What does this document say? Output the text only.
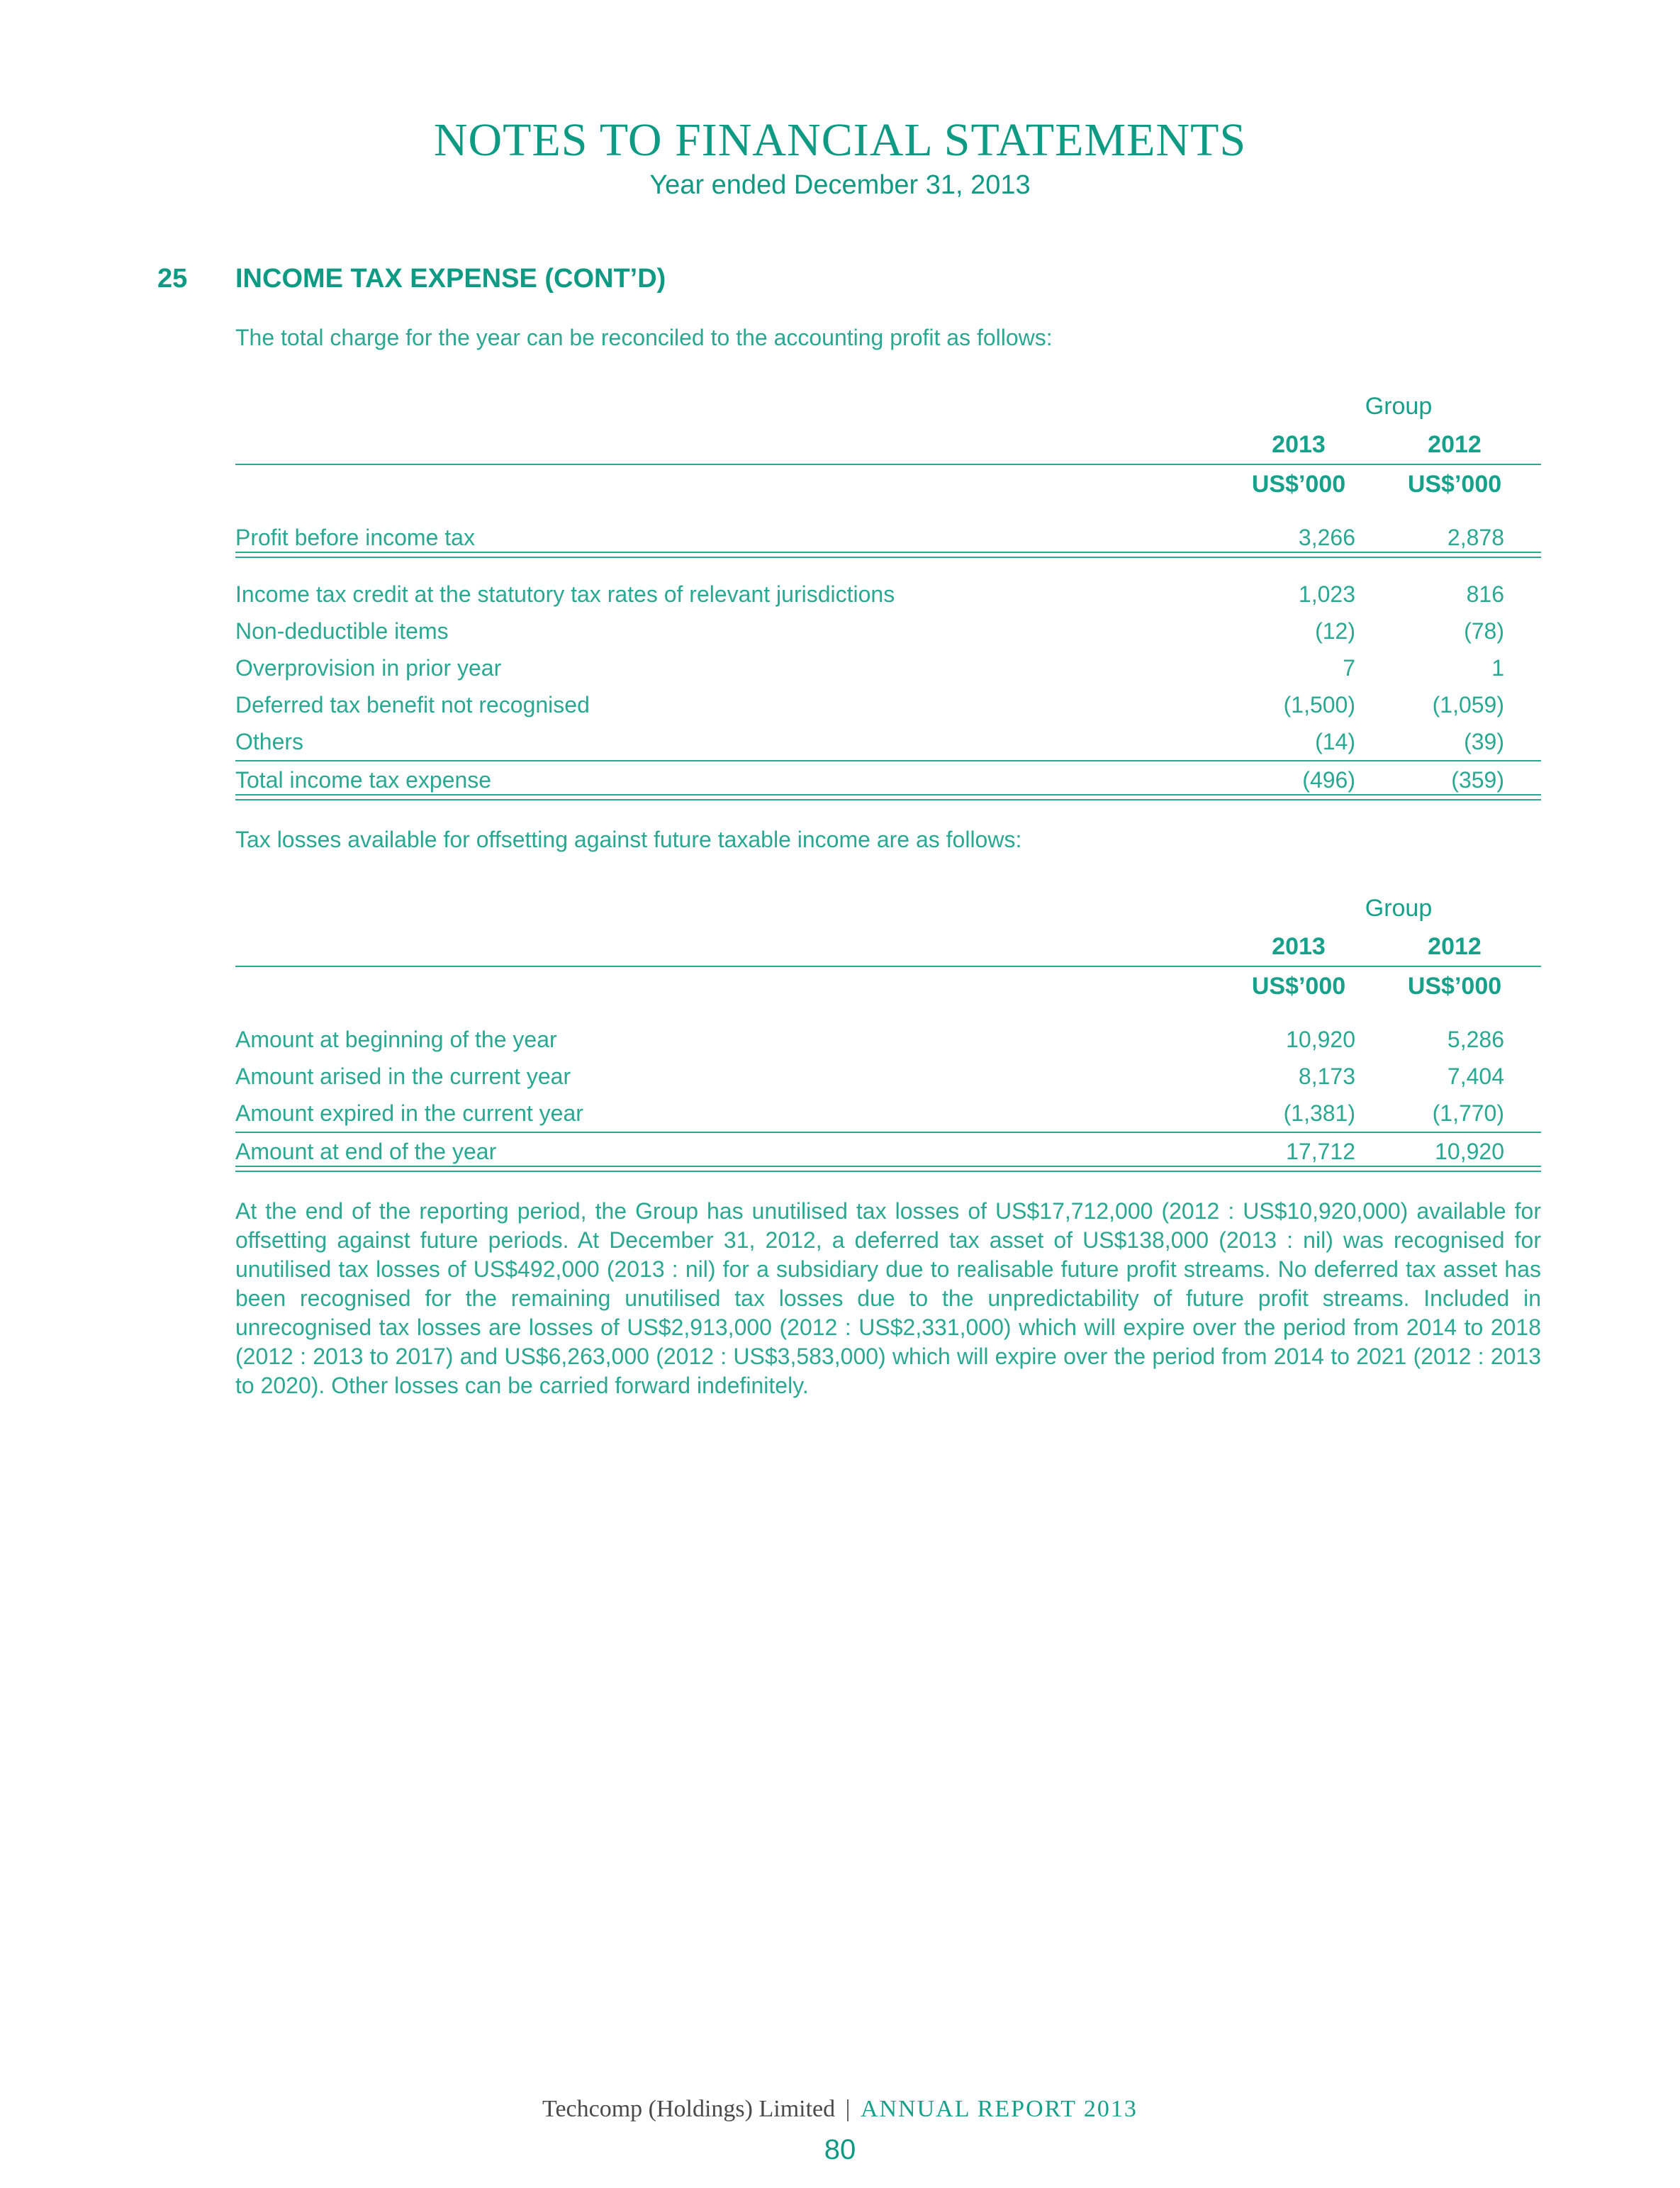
NOTES TO FINANCIAL STATEMENTS
Year ended December 31, 2013
25 INCOME TAX EXPENSE (CONT’D)
The total charge for the year can be reconciled to the accounting profit as follows:
Group
2013	2012
US$’000	US$’000
Profit before income tax	3,266	2,878
Income tax credit at the statutory tax rates of relevant jurisdictions	1,023	816
Non-deductible items	(12)	(78)
Overprovision in prior year	7	1
Deferred tax benefit not recognised	(1,500)	(1,059)
Others	(14)	(39)
Total income tax expense	(496)	(359)
Tax losses available for offsetting against future taxable income are as follows:
Group
2013	2012
US$’000	US$’000
Amount at beginning of the year	10,920	5,286
Amount arised in the current year	8,173	7,404
Amount expired in the current year	(1,381)	(1,770)
Amount at end of the year	17,712	10,920
At the end of the reporting period, the Group has unutilised tax losses of US$17,712,000 (2012 : US$10,920,000) available for offsetting against future periods. At December 31, 2012, a deferred tax asset of US$138,000 (2013 : nil) was recognised for unutilised tax losses of US$492,000 (2013 : nil) for a subsidiary due to realisable future profit streams. No deferred tax asset has been recognised for the remaining unutilised tax losses due to the unpredictability of future profit streams. Included in unrecognised tax losses are losses of US$2,913,000 (2012 : US$2,331,000) which will expire over the period from 2014 to 2018 (2012 : 2013 to 2017) and US$6,263,000 (2012 : US$3,583,000) which will expire over the period from 2014 to 2021 (2012 : 2013 to 2020). Other losses can be carried forward indefinitely.
Techcomp (Holdings) Limited | ANNUAL REPORT 2013
80
